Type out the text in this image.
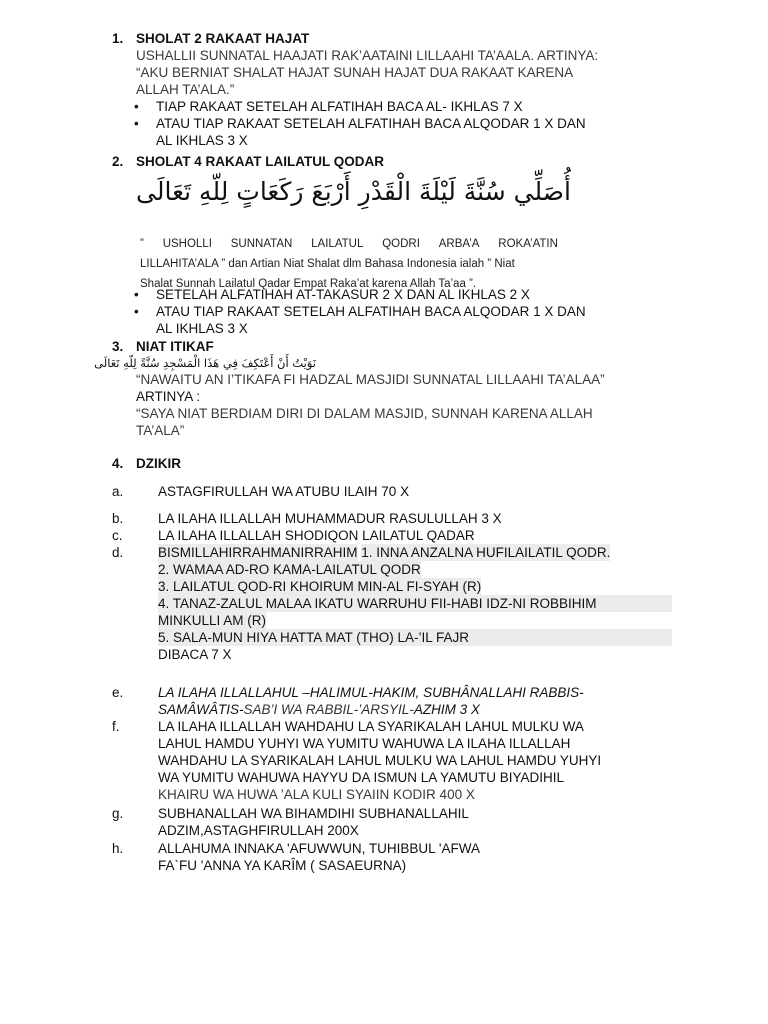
1. SHOLAT 2 RAKAAT HAJAT
USHALLII SUNNATAL HAAJATI RAK’AATAINI LILLAAHI TA’AALA. ARTINYA:
“AKU BERNIAT SHALAT HAJAT SUNAH HAJAT DUA RAKAAT KARENA
ALLAH TA’ALA.”
• TIAP RAKAAT SETELAH ALFATIHAH BACA AL- IKHLAS 7 X
• ATAU TIAP RAKAAT SETELAH ALFATIHAH BACA ALQODAR 1 X DAN
AL IKHLAS 3 X
2. SHOLAT 4 RAKAAT LAILATUL QODAR
أُصَلِّي سُنَّةَ لَيْلَةَ الْقَدْرِ أَرْبَعَ رَكَعَاتٍ لِلّهِ تَعَالَى
” USHOLLI SUNNATAN LAILATUL QODRI ARBA’A ROKA’ATIN
LILLAHITA’ALA ” dan Artian Niat Shalat dlm Bahasa Indonesia ialah ” Niat
Shalat Sunnah Lailatul Qadar Empat Raka’at karena Allah Ta’aa ”.
• SETELAH ALFATIHAH AT-TAKASUR 2 X DAN AL IKHLAS 2 X
• ATAU TIAP RAKAAT SETELAH ALFATIHAH BACA ALQODAR 1 X DAN
AL IKHLAS 3 X
3. NIAT ITIKAF
نَوَيْتُ أَنْ أَعْتَكِفَ فِي هَذَا الْمَسْجِدِ سُنَّةً لِلّهِ تَعَالَى
“NAWAITU AN I’TIKAFA FI HADZAL MASJIDI SUNNATAL LILLAAHI TA’ALAA”
ARTINYA :
“SAYA NIAT BERDIAM DIRI DI DALAM MASJID, SUNNAH KARENA ALLAH
TA’ALA”
4. DZIKIR
a.	ASTAGFIRULLAH WA ATUBU ILAIH 70 X
b.	LA ILAHA ILLALLAH MUHAMMADUR RASULULLAH 3 X
c.	LA ILAHA ILLALLAH SHODIQON LAILATUL QADAR
d.	BISMILLAHIRRAHMANIRRAHIM 1. INNA ANZALNA HUFILAILATIL QODR. 2. WAMAA AD-RO KAMA-LAILATUL QODR 3. LAILATUL QOD-RI KHOIRUM MIN-AL FI-SYAH (R)
4. TANAZ-ZALUL MALAA IKATU WARRUHU FII-HABI IDZ-NI ROBBIHIM
MINKULLI AM (R)
5. SALA-MUN HIYA HATTA MAT (THO) LA-’IL FAJR
DIBACA 7 X
e.	LA ILAHA ILLALLAHUL –HALIMUL-HAKIM, SUBHÂNALLAHI RABBIS-
SAMÂWÂTIS-SAB’I WA RABBIL-’ARSYIL-AZHIM 3 X
f.	LA ILAHA ILLALLAH WAHDAHU LA SYARIKALAH LAHUL MULKU WA
LAHUL HAMDU YUHYI WA YUMITU WAHUWA LA ILAHA ILLALLAH
WAHDAHU LA SYARIKALAH LAHUL MULKU WA LAHUL HAMDU YUHYI
WA YUMITU WAHUWA HAYYU DA ISMUN LA YAMUTU BIYADIHIL
KHAIRU WA HUWA ’ALA KULI SYAIIN KODIR 400 X
g.	SUBHANALLAH WA BIHAMDIHI SUBHANALLAHIL
ADZIM,ASTAGHFIRULLAH 200X
h.	ALLAHUMA INNAKA 'AFUWWUN, TUHIBBUL 'AFWA
FA`FU 'ANNA YA KARÎM ( SASAEURNA)
